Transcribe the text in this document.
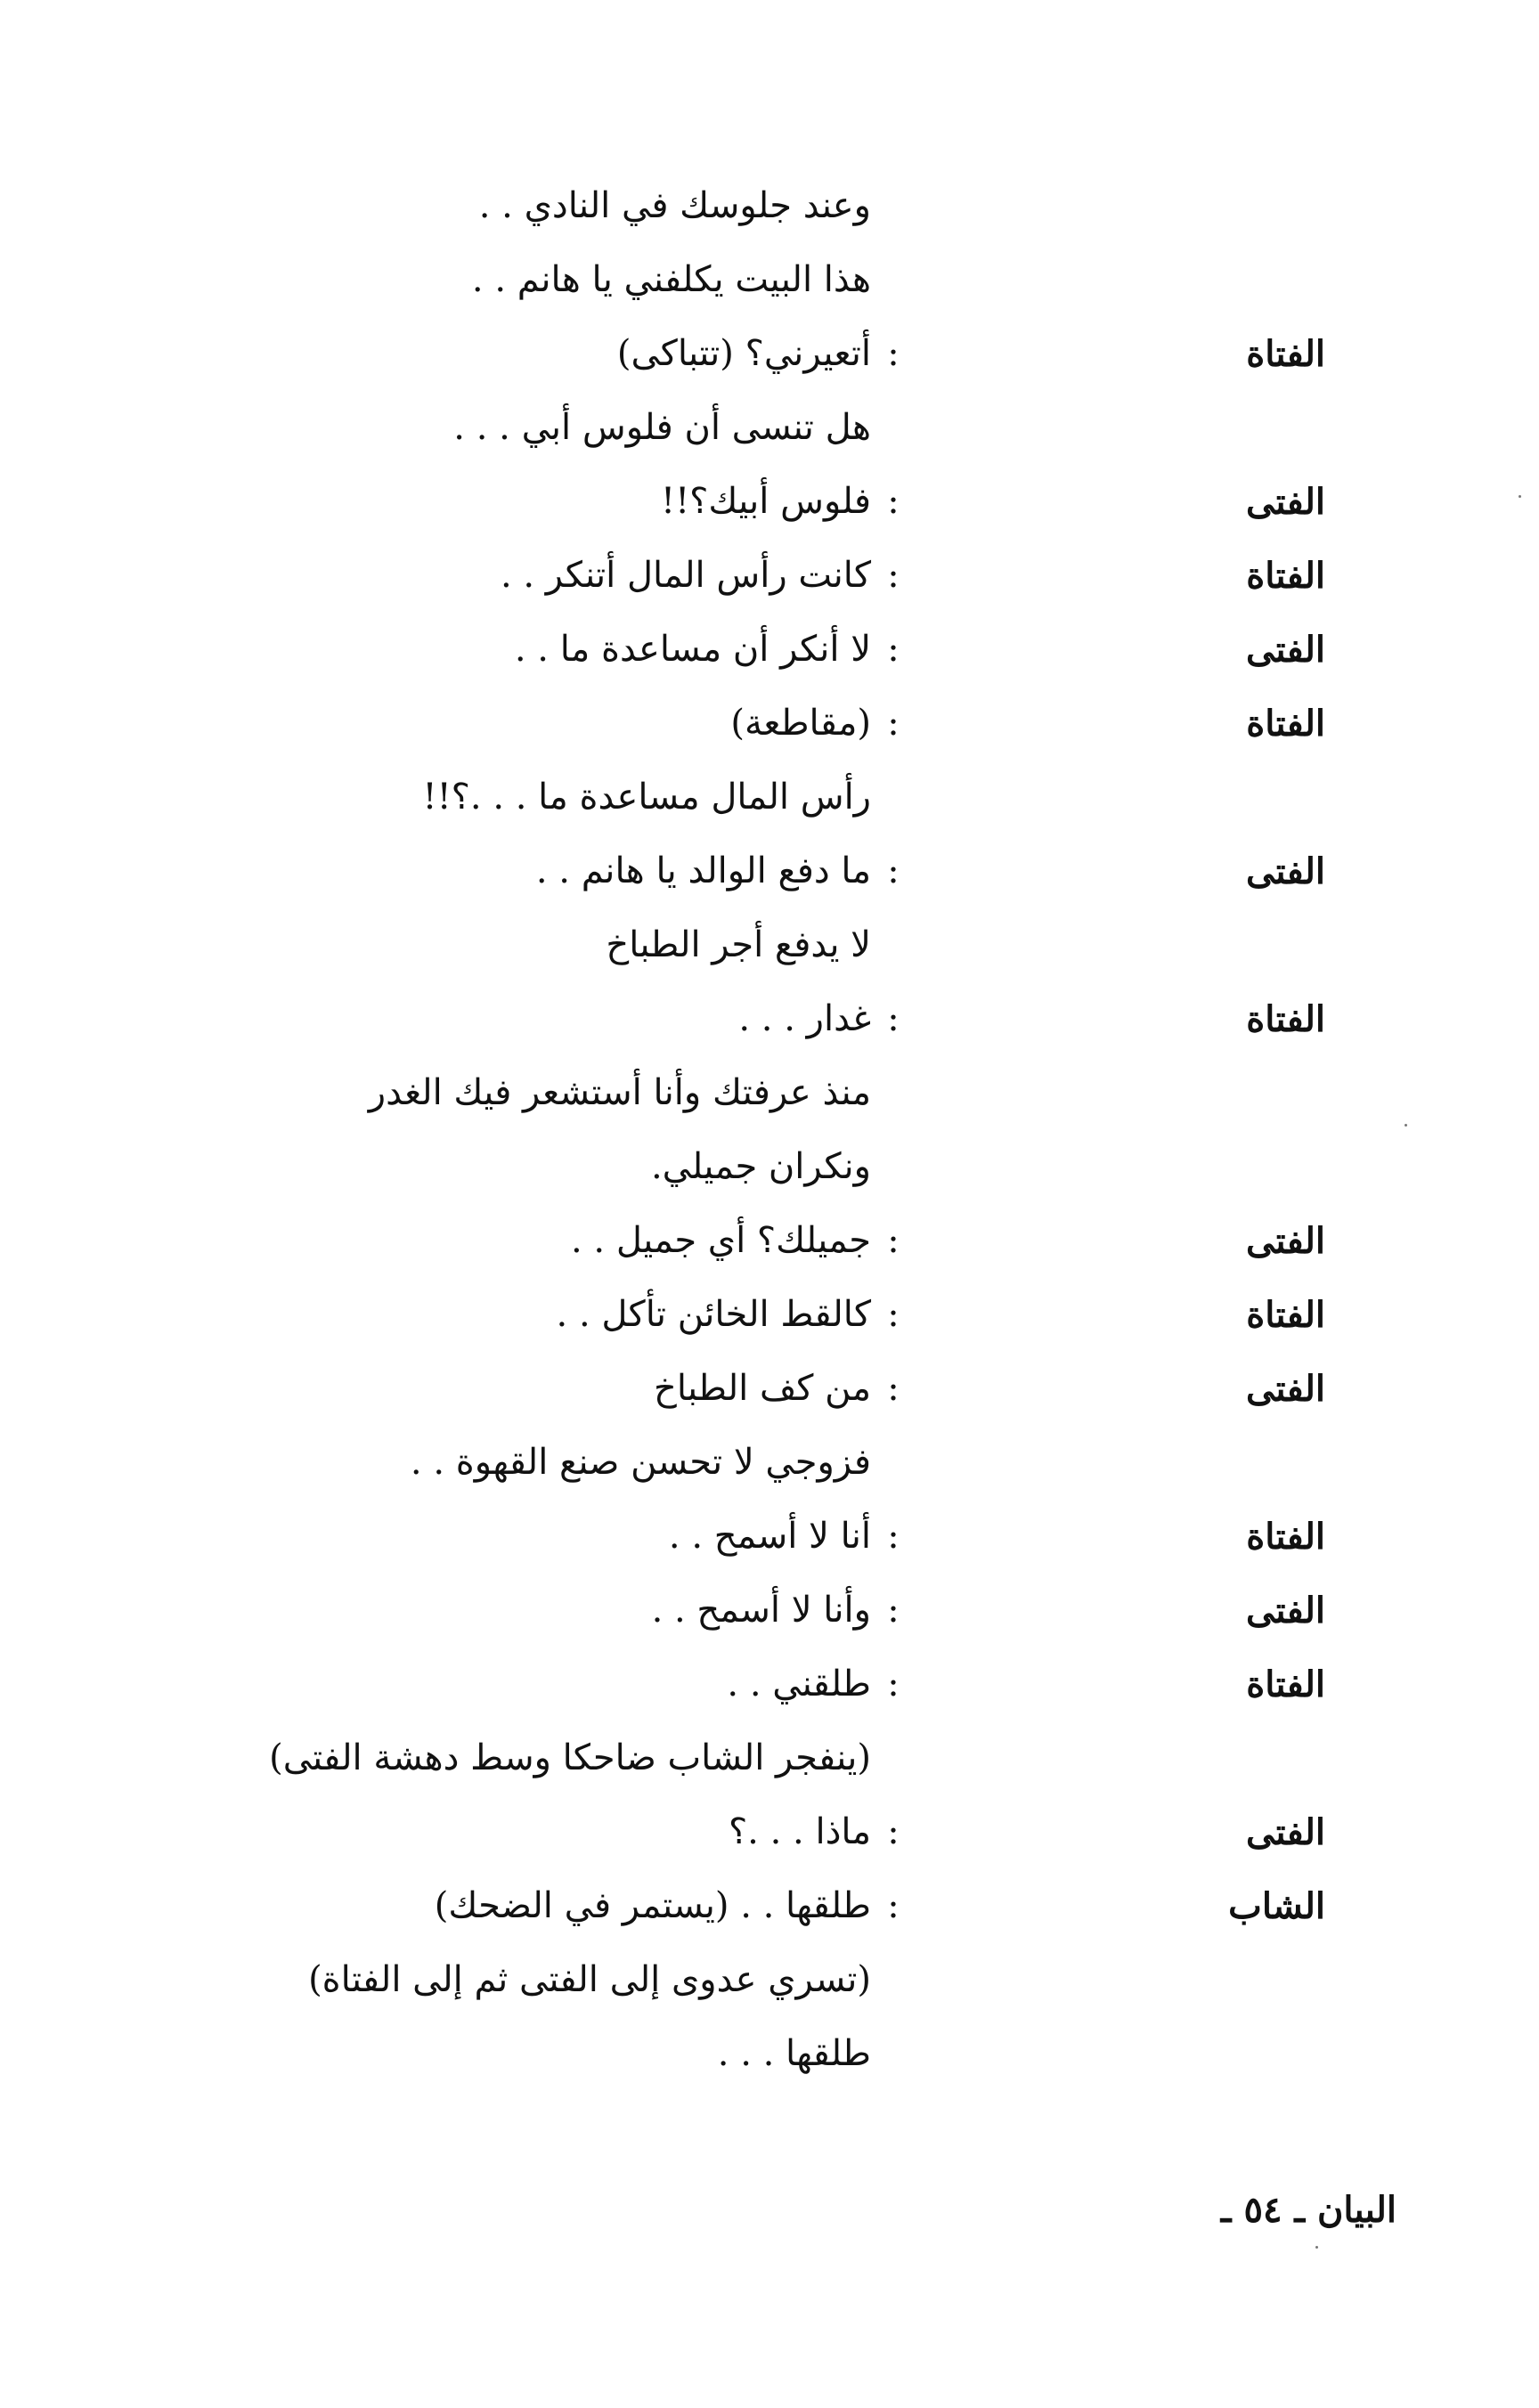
وعند جلوسك في النادي . .
هذا البيت يكلفني يا هانم . .
الفتاة
:
أتعيرني؟ (تتباكى)
هل تنسى أن فلوس أبي . . .
الفتى
:
فلوس أبيك؟!!
الفتاة
:
كانت رأس المال أتنكر . .
الفتى
:
لا أنكر أن مساعدة ما . .
الفتاة
:
(مقاطعة)
رأس المال مساعدة ما . . .؟!!
الفتى
:
ما دفع الوالد يا هانم . .
لا يدفع أجر الطباخ
الفتاة
:
غدار . . .
منذ عرفتك وأنا أستشعر فيك الغدر
ونكران جميلي.
الفتى
:
جميلك؟ أي جميل . .
الفتاة
:
كالقط الخائن تأكل . .
الفتى
:
من كف الطباخ
فزوجي لا تحسن صنع القهوة . .
الفتاة
:
أنا لا أسمح . .
الفتى
:
وأنا لا أسمح . .
الفتاة
:
طلقني . .
(ينفجر الشاب ضاحكا وسط دهشة الفتى)
الفتى
:
ماذا . . .؟
الشاب
:
طلقها . . (يستمر في الضحك)
(تسري عدوى إلى الفتى ثم إلى الفتاة)
طلقها . . .
البيان ـ ٥٤ ـ
